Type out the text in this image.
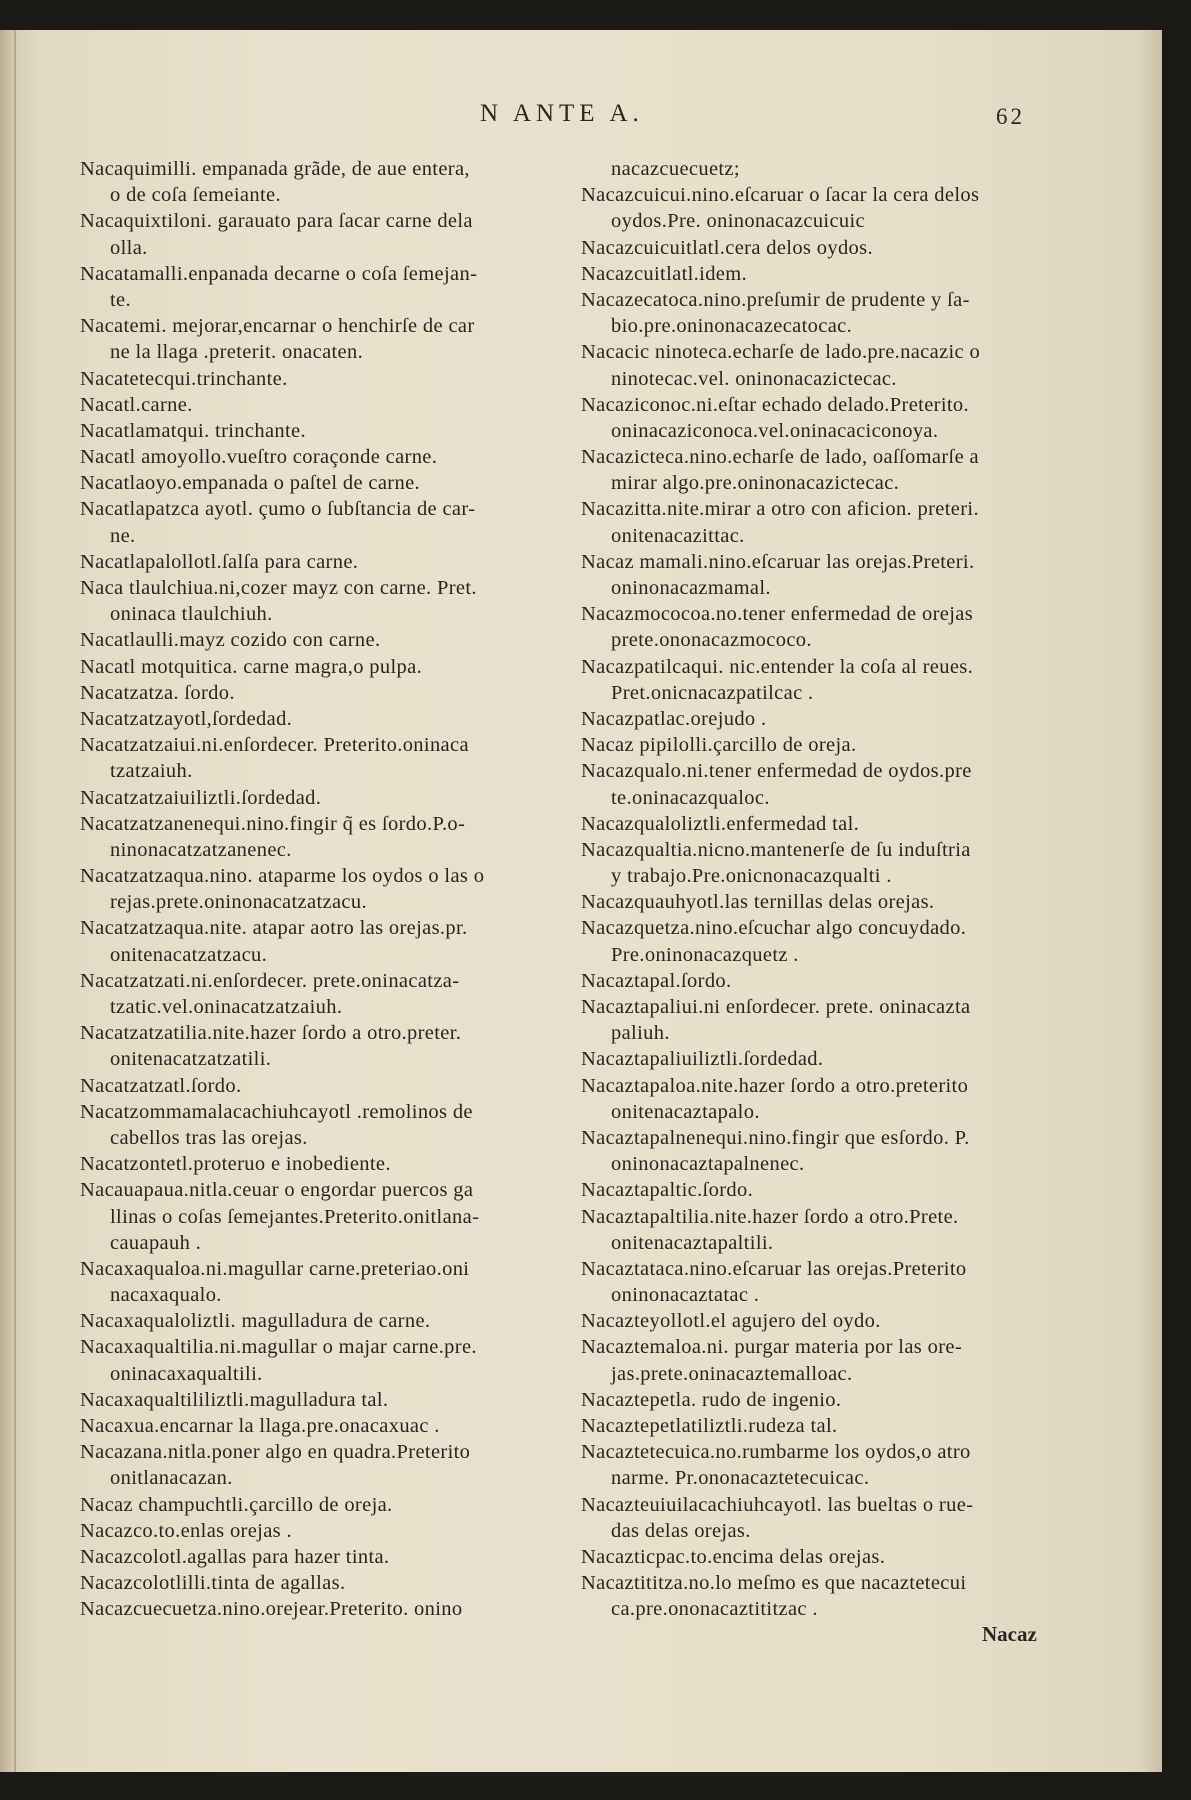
N ANTE A.	62
Nacaquimilli. empanada grãde, de aue entera,
o de coſa ſemeiante.
Nacaquixtiloni. garauato para ſacar carne dela
olla.
Nacatamalli.enpanada decarne o coſa ſemejan-
te.
Nacatemi. mejorar,encarnar o henchirſe de car
ne la llaga .preterit. onacaten.
Nacatetecqui.trinchante.
Nacatl.carne.
Nacatlamatqui. trinchante.
Nacatl amoyollo.vueſtro coraçonde carne.
Nacatlaoyo.empanada o paſtel de carne.
Nacatlapatzca ayotl. çumo o ſubſtancia de car-
ne.
Nacatlapalollotl.ſalſa para carne.
Naca tlaulchiua.ni,cozer mayz con carne. Pret.
oninaca tlaulchiuh.
Nacatlaulli.mayz cozido con carne.
Nacatl motquitica. carne magra,o pulpa.
Nacatzatza. ſordo.
Nacatzatzayotl,ſordedad.
Nacatzatzaiui.ni.enſordecer. Preterito.oninaca
tzatzaiuh.
Nacatzatzaiuiliztli.ſordedad.
Nacatzatzanenequi.nino.fingir q̃ es ſordo.P.o-
ninonacatzatzanenec.
Nacatzatzaqua.nino. ataparme los oydos o las o
rejas.prete.oninonacatzatzacu.
Nacatzatzaqua.nite. atapar aotro las orejas.pr.
onitenacatzatzacu.
Nacatzatzati.ni.enſordecer. prete.oninacatza-
tzatic.vel.oninacatzatzaiuh.
Nacatzatzatilia.nite.hazer ſordo a otro.preter.
onitenacatzatzatili.
Nacatzatzatl.ſordo.
Nacatzommamalacachiuhcayotl .remolinos de
cabellos tras las orejas.
Nacatzontetl.proteruo e inobediente.
Nacauapaua.nitla.ceuar o engordar puercos ga
llinas o coſas ſemejantes.Preterito.onitlana-
cauapauh .
Nacaxaqualoa.ni.magullar carne.preteriao.oni
nacaxaqualo.
Nacaxaqualoliztli. magulladura de carne.
Nacaxaqualtilia.ni.magullar o majar carne.pre.
oninacaxaqualtili.
Nacaxaqualtililiztli.magulladura tal.
Nacaxua.encarnar la llaga.pre.onacaxuac .
Nacazana.nitla.poner algo en quadra.Preterito
onitlanacazan.
Nacaz champuchtli.çarcillo de oreja.
Nacazco.to.enlas orejas .
Nacazcolotl.agallas para hazer tinta.
Nacazcolotlilli.tinta de agallas.
Nacazcuecuetza.nino.orejear.Preterito. onino
nacazcuecuetz;
Nacazcuicui.nino.eſcaruar o ſacar la cera delos
oydos.Pre. oninonacazcuicuic
Nacazcuicuitlatl.cera delos oydos.
Nacazcuitlatl.idem.
Nacazecatoca.nino.preſumir de prudente y ſa-
bio.pre.oninonacazecatocac.
Nacacic ninoteca.echarſe de lado.pre.nacazic o
ninotecac.vel. oninonacazictecac.
Nacaziconoc.ni.eſtar echado delado.Preterito.
oninacaziconoca.vel.oninacaciconoya.
Nacazicteca.nino.echarſe de lado, oaſſomarſe a
mirar algo.pre.oninonacazictecac.
Nacazitta.nite.mirar a otro con aficion. preteri.
onitenacazittac.
Nacaz mamali.nino.eſcaruar las orejas.Preteri.
oninonacazmamal.
Nacazmococoa.no.tener enfermedad de orejas
prete.ononacazmococo.
Nacazpatilcaqui. nic.entender la coſa al reues.
Pret.onicnacazpatilcac .
Nacazpatlac.orejudo .
Nacaz pipilolli.çarcillo de oreja.
Nacazqualo.ni.tener enfermedad de oydos.pre
te.oninacazqualoc.
Nacazqualoliztli.enfermedad tal.
Nacazqualtia.nicno.mantenerſe de ſu induſtria
y trabajo.Pre.onicnonacazqualti .
Nacazquauhyotl.las ternillas delas orejas.
Nacazquetza.nino.eſcuchar algo concuydado.
Pre.oninonacazquetz .
Nacaztapal.ſordo.
Nacaztapaliui.ni enſordecer. prete. oninacazta
paliuh.
Nacaztapaliuiliztli.ſordedad.
Nacaztapaloa.nite.hazer ſordo a otro.preterito
onitenacaztapalo.
Nacaztapalnenequi.nino.fingir que esſordo. P.
oninonacaztapalnenec.
Nacaztapaltic.ſordo.
Nacaztapaltilia.nite.hazer ſordo a otro.Prete.
onitenacaztapaltili.
Nacaztataca.nino.eſcaruar las orejas.Preterito
oninonacaztatac .
Nacazteyollotl.el agujero del oydo.
Nacaztemaloa.ni. purgar materia por las ore-
jas.prete.oninacaztemalloac.
Nacaztepetla. rudo de ingenio.
Nacaztepetlatiliztli.rudeza tal.
Nacaztetecuica.no.rumbarme los oydos,o atro
narme. Pr.ononacaztetecuicac.
Nacazteuiuilacachiuhcayotl. las bueltas o rue-
das delas orejas.
Nacazticpac.to.encima delas orejas.
Nacaztititza.no.lo meſmo es que nacaztetecui
ca.pre.ononacaztititzac .
Nacaz
